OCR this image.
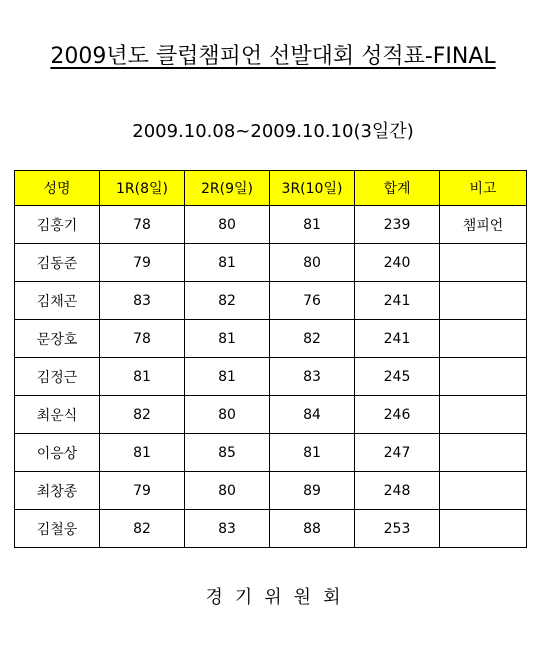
2009년도 클럽챔피언 선발대회 성적표-FINAL
2009.10.08~2009.10.10(3일간)
성명	1R(8일)	2R(9일)	3R(10일)	합계	비고
김홍기	78	80	81	239	챔피언
김동준	79	81	80	240	
김채곤	83	82	76	241	
문장호	78	81	82	241	
김정근	81	81	83	245	
최운식	82	80	84	246	
이응상	81	85	81	247	
최창종	79	80	89	248	
김철웅	82	83	88	253	
경기위원회
